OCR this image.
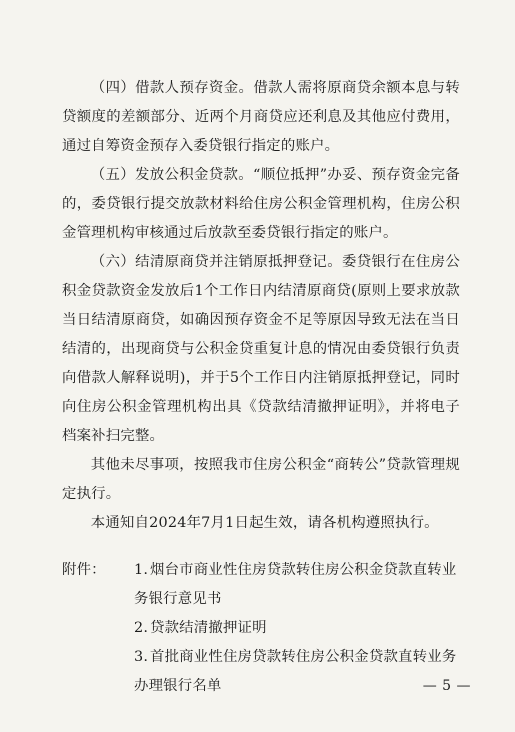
（四）借款人预存资金。借款人需将原商贷余额本息与转贷额度的差额部分、近两个月商贷应还利息及其他应付费用，通过自筹资金预存入委贷银行指定的账户。

（五）发放公积金贷款。“顺位抵押”办妥、预存资金完备的，委贷银行提交放款材料给住房公积金管理机构，住房公积金管理机构审核通过后放款至委贷银行指定的账户。

（六）结清原商贷并注销原抵押登记。委贷银行在住房公积金贷款资金发放后1个工作日内结清原商贷(原则上要求放款当日结清原商贷，如确因预存资金不足等原因导致无法在当日结清的，出现商贷与公积金贷重复计息的情况由委贷银行负责向借款人解释说明)，并于5个工作日内注销原抵押登记，同时向住房公积金管理机构出具《贷款结清撤押证明》，并将电子档案补扫完整。

其他未尽事项，按照我市住房公积金“商转公”贷款管理规定执行。

本通知自2024年7月1日起生效，请各机构遵照执行。

附件：	1. 烟台市商业性住房贷款转住房公积金贷款直转业务银行意见书

2. 贷款结清撤押证明

3. 首批商业性住房贷款转住房公积金贷款直转业务办理银行名单	— 5 —
